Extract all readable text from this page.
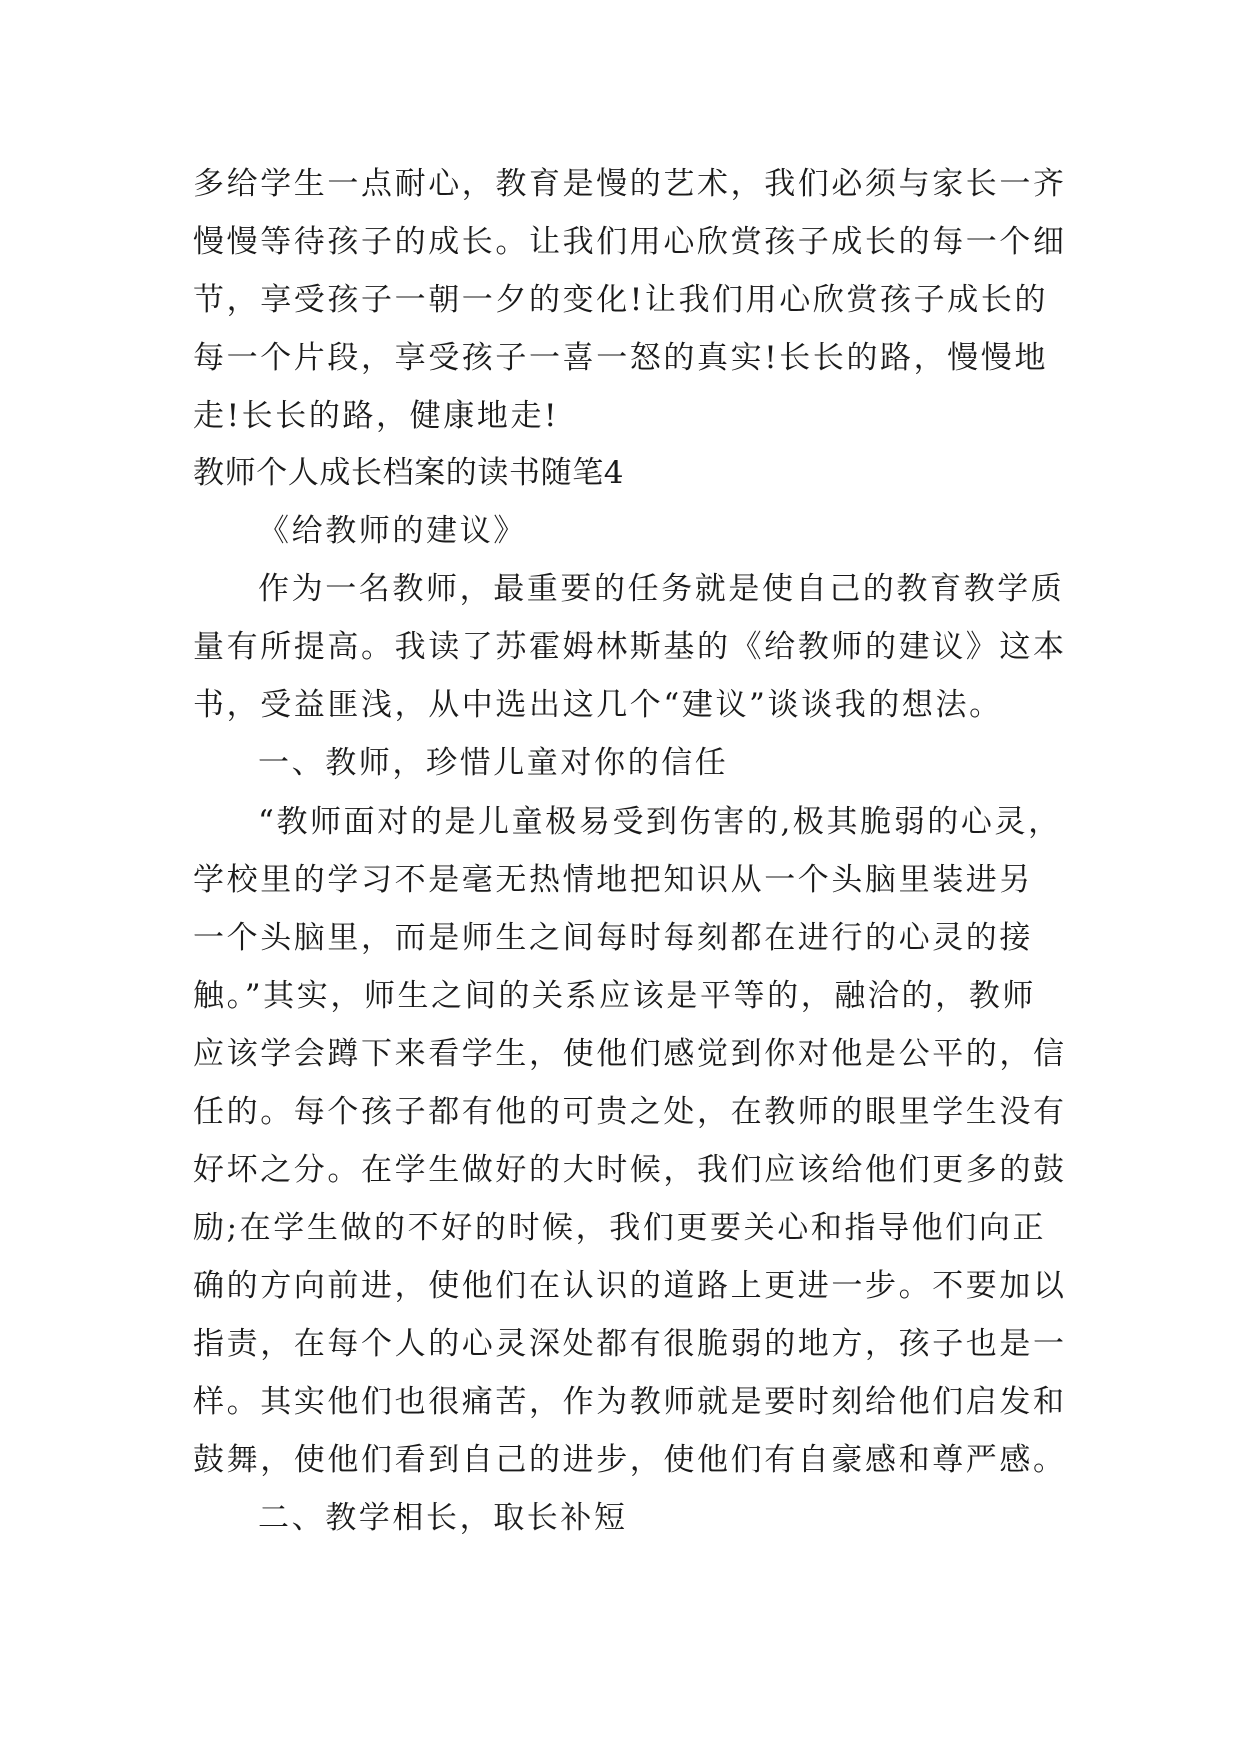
多给学生一点耐心，教育是慢的艺术，我们必须与家长一齐
慢慢等待孩子的成长。让我们用心欣赏孩子成长的每一个细
节，享受孩子一朝一夕的变化!让我们用心欣赏孩子成长的
每一个片段，享受孩子一喜一怒的真实!长长的路，慢慢地
走!长长的路，健康地走!
教师个人成长档案的读书随笔4
《给教师的建议》
作为一名教师，最重要的任务就是使自己的教育教学质
量有所提高。我读了苏霍姆林斯基的《给教师的建议》这本
书，受益匪浅，从中选出这几个“建议”谈谈我的想法。
一、教师，珍惜儿童对你的信任
“教师面对的是儿童极易受到伤害的,极其脆弱的心灵，
学校里的学习不是毫无热情地把知识从一个头脑里装进另
一个头脑里，而是师生之间每时每刻都在进行的心灵的接
触。”其实，师生之间的关系应该是平等的，融洽的，教师
应该学会蹲下来看学生，使他们感觉到你对他是公平的，信
任的。每个孩子都有他的可贵之处，在教师的眼里学生没有
好坏之分。在学生做好的大时候，我们应该给他们更多的鼓
励;在学生做的不好的时候，我们更要关心和指导他们向正
确的方向前进，使他们在认识的道路上更进一步。不要加以
指责，在每个人的心灵深处都有很脆弱的地方，孩子也是一
样。其实他们也很痛苦，作为教师就是要时刻给他们启发和
鼓舞，使他们看到自己的进步，使他们有自豪感和尊严感。
二、教学相长，取长补短
